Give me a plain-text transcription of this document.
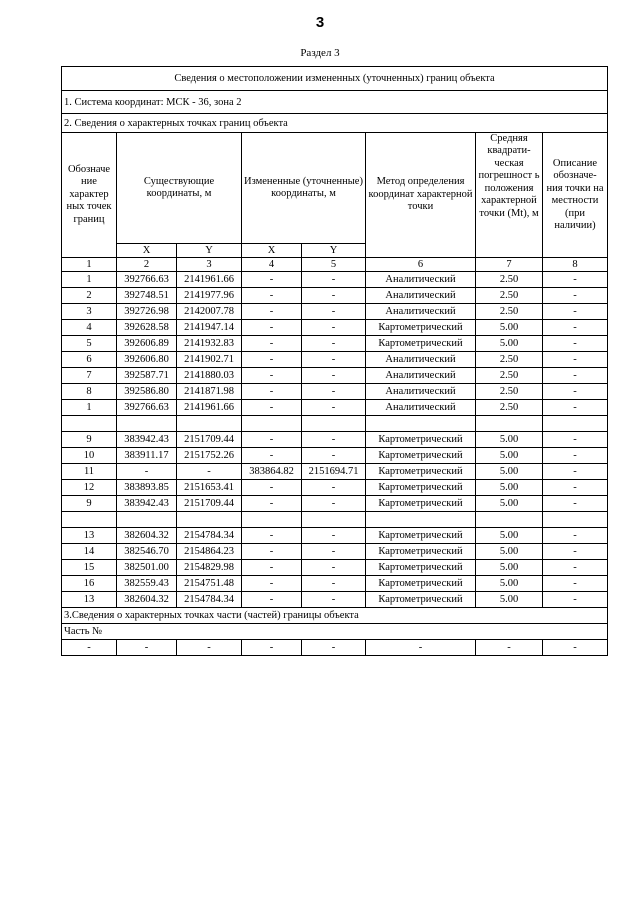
3
Раздел 3
Сведения о местоположении измененных (уточненных) границ объекта							
1. Система координат: МСК - 36, зона 2							
2. Сведения о характерных точках границ объекта							

Обозначе ние характер ных точек границ	Существующие координаты, м		Измененные (уточненные) координаты, м		Метод определения координат характерной точки	Средняя квадрати- ческая погрешност ь положения характерной точки (Mt), м	Описание обозначе- ния точки на местности (при наличии)

	X	Y	X	Y			
1	2	3	4	5	6	7	8
1	392766.63	2141961.66	-	-	Аналитический	2.50	-
2	392748.51	2141977.96	-	-	Аналитический	2.50	-
3	392726.98	2142007.78	-	-	Аналитический	2.50	-
4	392628.58	2141947.14	-	-	Картометрический	5.00	-
5	392606.89	2141932.83	-	-	Картометрический	5.00	-
6	392606.80	2141902.71	-	-	Аналитический	2.50	-
7	392587.71	2141880.03	-	-	Аналитический	2.50	-
8	392586.80	2141871.98	-	-	Аналитический	2.50	-
1	392766.63	2141961.66	-	-	Аналитический	2.50	-

9	383942.43	2151709.44	-	-	Картометрический	5.00	-
10	383911.17	2151752.26	-	-	Картометрический	5.00	-
11	-	-	383864.82	2151694.71	Картометрический	5.00	-
12	383893.85	2151653.41	-	-	Картометрический	5.00	-
9	383942.43	2151709.44	-	-	Картометрический	5.00	-

13	382604.32	2154784.34	-	-	Картометрический	5.00	-
14	382546.70	2154864.23	-	-	Картометрический	5.00	-
15	382501.00	2154829.98	-	-	Картометрический	5.00	-
16	382559.43	2154751.48	-	-	Картометрический	5.00	-
13	382604.32	2154784.34	-	-	Картометрический	5.00	-
3.Сведения о характерных точках части (частей) границы объекта							
Часть №							
-	-	-	-	-	-	-	-
